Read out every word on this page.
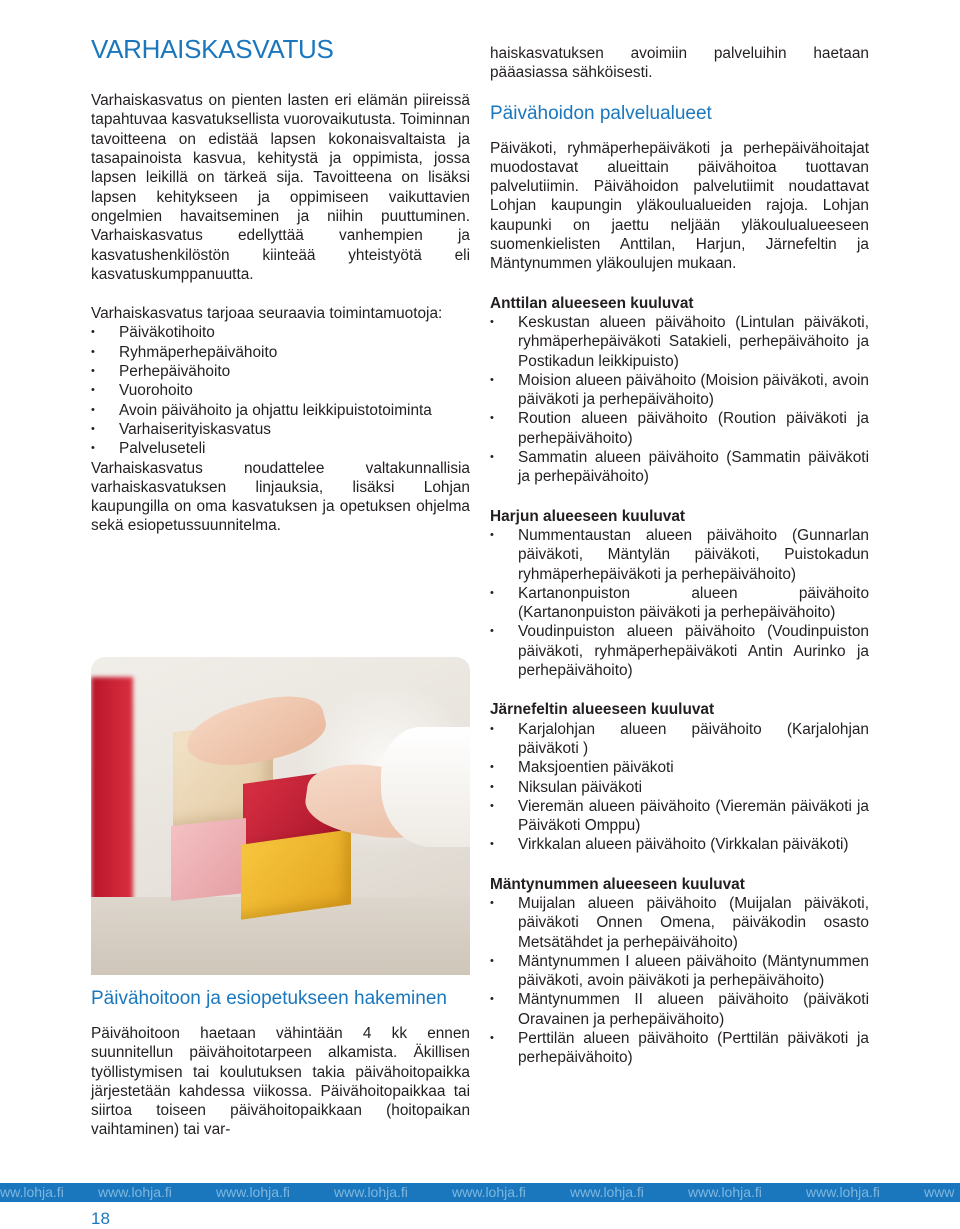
VARHAISKASVATUS

Varhaiskasvatus on pienten lasten eri elämän piireissä tapahtuvaa kasvatuksellista vuorovaikutusta. Toiminnan tavoitteena on edistää lapsen kokonaisvaltaista ja tasapainoista kasvua, kehitystä ja oppimista, jossa lapsen leikillä on tärkeä sija. Tavoitteena on lisäksi lapsen kehitykseen ja oppimiseen vaikuttavien ongelmien havaitseminen ja niihin puuttuminen. Varhaiskasvatus edellyttää vanhempien ja kasvatushenkilöstön kiinteää yhteistyötä eli kasvatuskumppanuutta.

Varhaiskasvatus tarjoaa seuraavia toimintamuotoja:

• Päiväkotihoito
• Ryhmäperhepäivähoito
• Perhepäivähoito
• Vuorohoito
• Avoin päivähoito ja ohjattu leikkipuistotoiminta
• Varhaiserityiskasvatus
• Palveluseteli

Varhaiskasvatus noudattelee valtakunnallisia varhaiskasvatuksen linjauksia, lisäksi Lohjan kaupungilla on oma kasvatuksen ja opetuksen ohjelma sekä esiopetussuunnitelma.

Päivähoitoon ja esiopetukseen hakeminen

Päivähoitoon haetaan vähintään 4 kk ennen suunnitellun päivähoitotarpeen alkamista. Äkillisen työllistymisen tai koulutuksen takia päivähoitopaikka järjestetään kahdessa viikossa. Päivähoitopaikkaa tai siirtoa toiseen päivähoitopaikkaan (hoitopaikan vaihtaminen) tai var-

haiskasvatuksen avoimiin palveluihin haetaan pääasiassa sähköisesti.

Päivähoidon palvelualueet

Päiväkoti, ryhmäperhepäiväkoti ja perhepäivähoitajat muodostavat alueittain päivähoitoa tuottavan palvelutiimin. Päivähoidon palvelutiimit noudattavat Lohjan kaupungin yläkoulualueiden rajoja. Lohjan kaupunki on jaettu neljään yläkoulualueeseen suomenkielisten Anttilan, Harjun, Järnefeltin ja Mäntynummen yläkoulujen mukaan.

Anttilan alueeseen kuuluvat

• Keskustan alueen päivähoito (Lintulan päiväkoti, ryhmäperhepäiväkoti Satakieli, perhepäivähoito ja Postikadun leikkipuisto)
• Moision alueen päivähoito (Moision päiväkoti, avoin päiväkoti ja perhepäivähoito)
• Roution alueen päivähoito (Roution päiväkoti ja perhepäivähoito)
• Sammatin alueen päivähoito (Sammatin päiväkoti ja perhepäivähoito)

Harjun alueeseen kuuluvat

• Nummentaustan alueen päivähoito (Gunnarlan päiväkoti, Mäntylän päiväkoti, Puistokadun ryhmäperhepäiväkoti ja perhepäivähoito)
• Kartanonpuiston alueen päivähoito (Kartanonpuiston päiväkoti ja perhepäivähoito)
• Voudinpuiston alueen päivähoito (Voudinpuiston päiväkoti, ryhmäperhepäiväkoti Antin Aurinko ja perhepäivähoito)

Järnefeltin alueeseen kuuluvat

• Karjalohjan alueen päivähoito (Karjalohjan päiväkoti )
• Maksjoentien päiväkoti
• Niksulan päiväkoti
• Vieremän alueen päivähoito (Vieremän päiväkoti ja Päiväkoti Omppu)
• Virkkalan alueen päivähoito (Virkkalan päiväkoti)

Mäntynummen alueeseen kuuluvat

• Muijalan alueen päivähoito (Muijalan päiväkoti, päiväkoti Onnen Omena, päiväkodin osasto Metsätähdet ja perhepäivähoito)
• Mäntynummen I alueen päivähoito (Mäntynummen päiväkoti, avoin päiväkoti ja perhepäivähoito)
• Mäntynummen II alueen päivähoito (päiväkoti Oravainen ja perhepäivähoito)
• Perttilän alueen päivähoito (Perttilän päiväkoti ja perhepäivähoito)
ww.lohja.fi www.lohja.fi	www.lohja.fi	www.lohja.fi	www.lohja.fi	www.lohja.fi	www.lohja.fi	www.lohja.fi	www
18
